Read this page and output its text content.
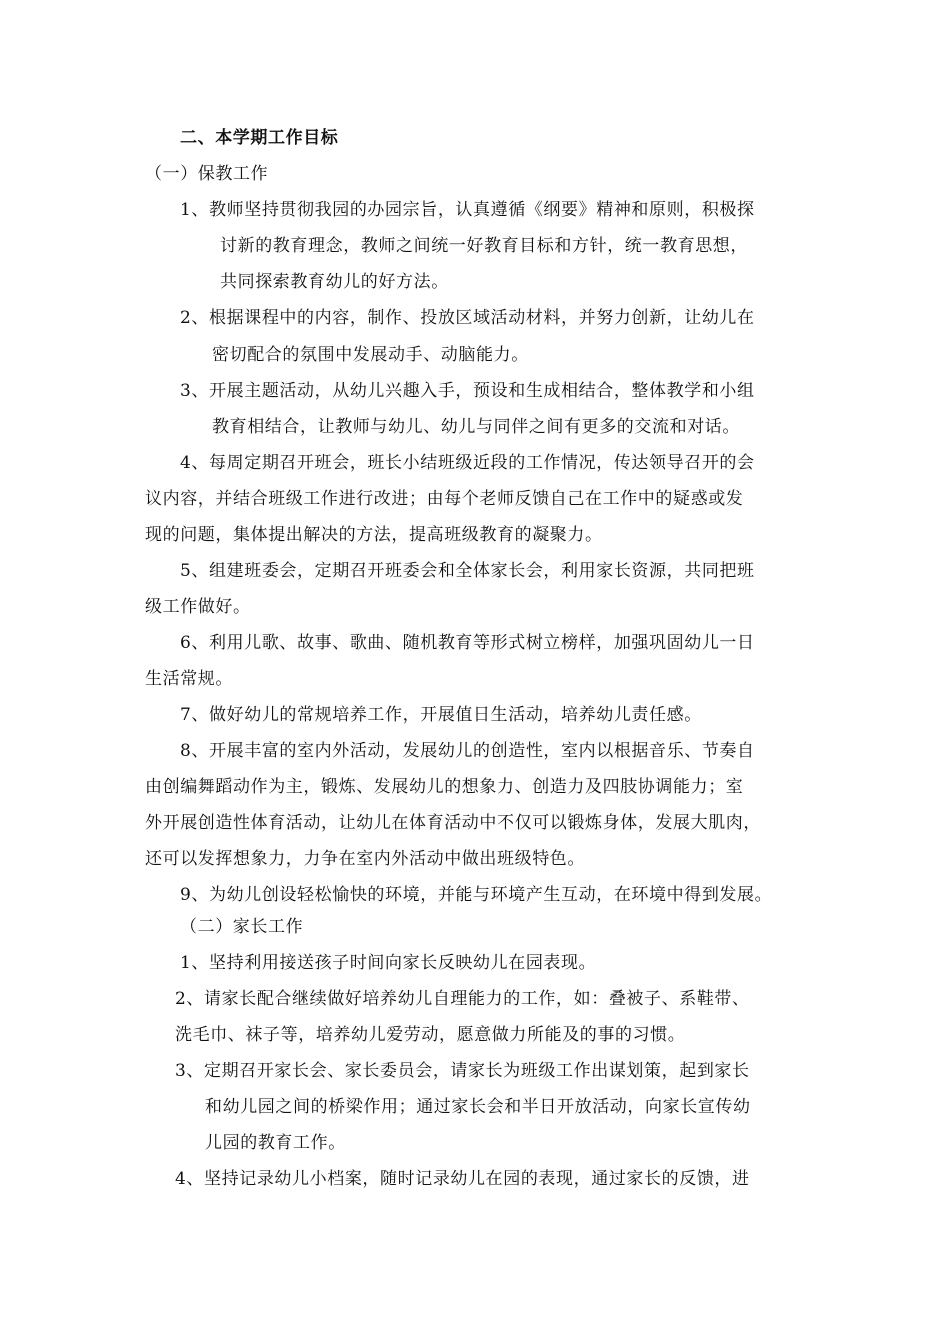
二、本学期工作目标
（一）保教工作
1、教师坚持贯彻我园的办园宗旨，认真遵循《纲要》精神和原则，积极探
讨新的教育理念，教师之间统一好教育目标和方针，统一教育思想，
共同探索教育幼儿的好方法。
2、根据课程中的内容，制作、投放区域活动材料，并努力创新，让幼儿在
密切配合的氛围中发展动手、动脑能力。
3、开展主题活动，从幼儿兴趣入手，预设和生成相结合，整体教学和小组
教育相结合，让教师与幼儿、幼儿与同伴之间有更多的交流和对话。
4、每周定期召开班会，班长小结班级近段的工作情况，传达领导召开的会
议内容，并结合班级工作进行改进；由每个老师反馈自己在工作中的疑惑或发
现的问题，集体提出解决的方法，提高班级教育的凝聚力。
5、组建班委会，定期召开班委会和全体家长会，利用家长资源，共同把班
级工作做好。
6、利用儿歌、故事、歌曲、随机教育等形式树立榜样，加强巩固幼儿一日
生活常规。
7、做好幼儿的常规培养工作，开展值日生活动，培养幼儿责任感。
8、开展丰富的室内外活动，发展幼儿的创造性，室内以根据音乐、节奏自
由创编舞蹈动作为主，锻炼、发展幼儿的想象力、创造力及四肢协调能力；室
外开展创造性体育活动，让幼儿在体育活动中不仅可以锻炼身体，发展大肌肉，
还可以发挥想象力，力争在室内外活动中做出班级特色。
9、为幼儿创设轻松愉快的环境，并能与环境产生互动，在环境中得到发展。
（二）家长工作
1、坚持利用接送孩子时间向家长反映幼儿在园表现。
2、请家长配合继续做好培养幼儿自理能力的工作，如：叠被子、系鞋带、
洗毛巾、袜子等，培养幼儿爱劳动，愿意做力所能及的事的习惯。
3、定期召开家长会、家长委员会，请家长为班级工作出谋划策，起到家长
和幼儿园之间的桥梁作用；通过家长会和半日开放活动，向家长宣传幼
儿园的教育工作。
4、坚持记录幼儿小档案，随时记录幼儿在园的表现，通过家长的反馈，进
